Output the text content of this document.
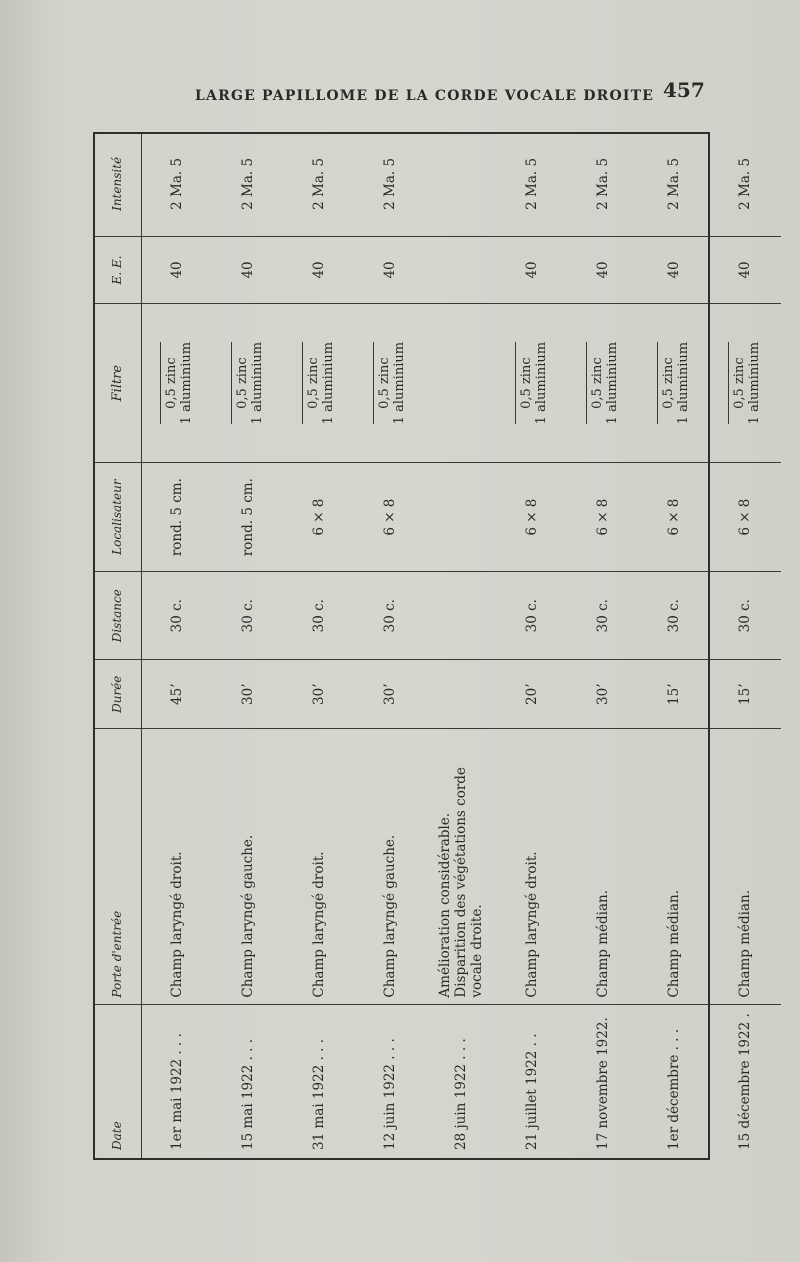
LARGE PAPILLOME DE LA CORDE VOCALE DROITE 457
Date	Porte d'entrée	Durée	Distance	Localisateur	Filtre	E. E.	Intensité
1er mai 1922 . . .	Champ laryngé droit.	45’	30 c.	rond. 5 cm.	0,5 zinc 1 aluminium	40	2 Ma. 5
15 mai 1922 . . .	Champ laryngé gauche.	30’	30 c.	rond. 5 cm.	0,5 zinc 1 aluminium	40	2 Ma. 5
31 mai 1922 . . .	Champ laryngé droit.	30’	30 c.	6 × 8	0,5 zinc 1 aluminium	40	2 Ma. 5
12 juin 1922 . . .	Champ laryngé gauche.	30’	30 c.	6 × 8	0,5 zinc 1 aluminium	40	2 Ma. 5
28 juin 1922 . . .	Amélioration considérable. Disparition des végétations corde vocale droite.						

21 juillet 1922 . .	Champ laryngé droit.	20’	30 c.	6 × 8	0,5 zinc 1 aluminium	40	2 Ma. 5
17 novembre 1922.	Champ médian.	30’	30 c.	6 × 8	0,5 zinc 1 aluminium	40	2 Ma. 5
1er décembre . . .	Champ médian.	15’	30 c.	6 × 8	0,5 zinc 1 aluminium	40	2 Ma. 5
15 décembre 1922 .	Champ médian.	15’	30 c.	6 × 8	0,5 zinc 1 aluminium	40	2 Ma. 5
